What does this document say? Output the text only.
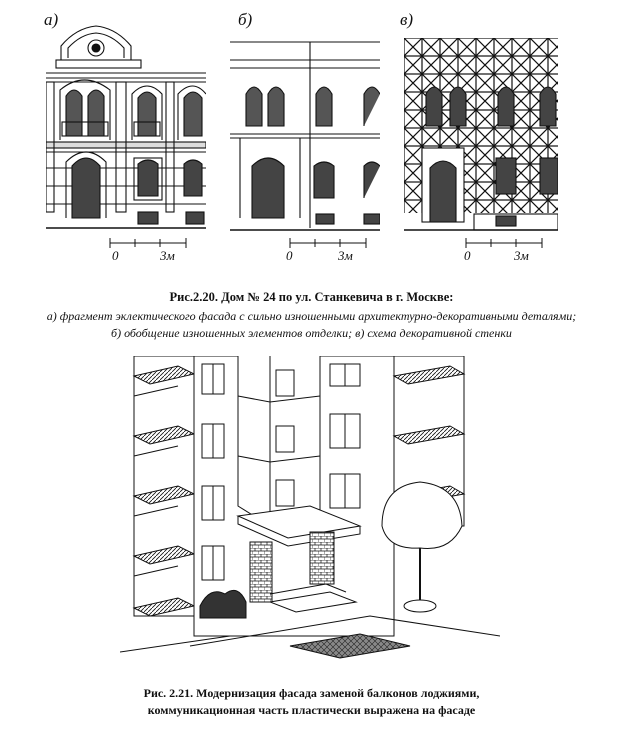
а)	б)	в)
0	3м	0	3м	0	3м
Рис.2.20. Дом № 24 по ул. Станкевича в г. Москве:
а) фрагмент эклектического фасада с сильно изношенными архитектурно-декоративными деталями;
б) обобщение изношенных элементов отделки; в) схема декоративной стенки
Рис. 2.21. Модернизация фасада заменой балконов лоджиями,
коммуникационная часть пластически выражена на фасаде
